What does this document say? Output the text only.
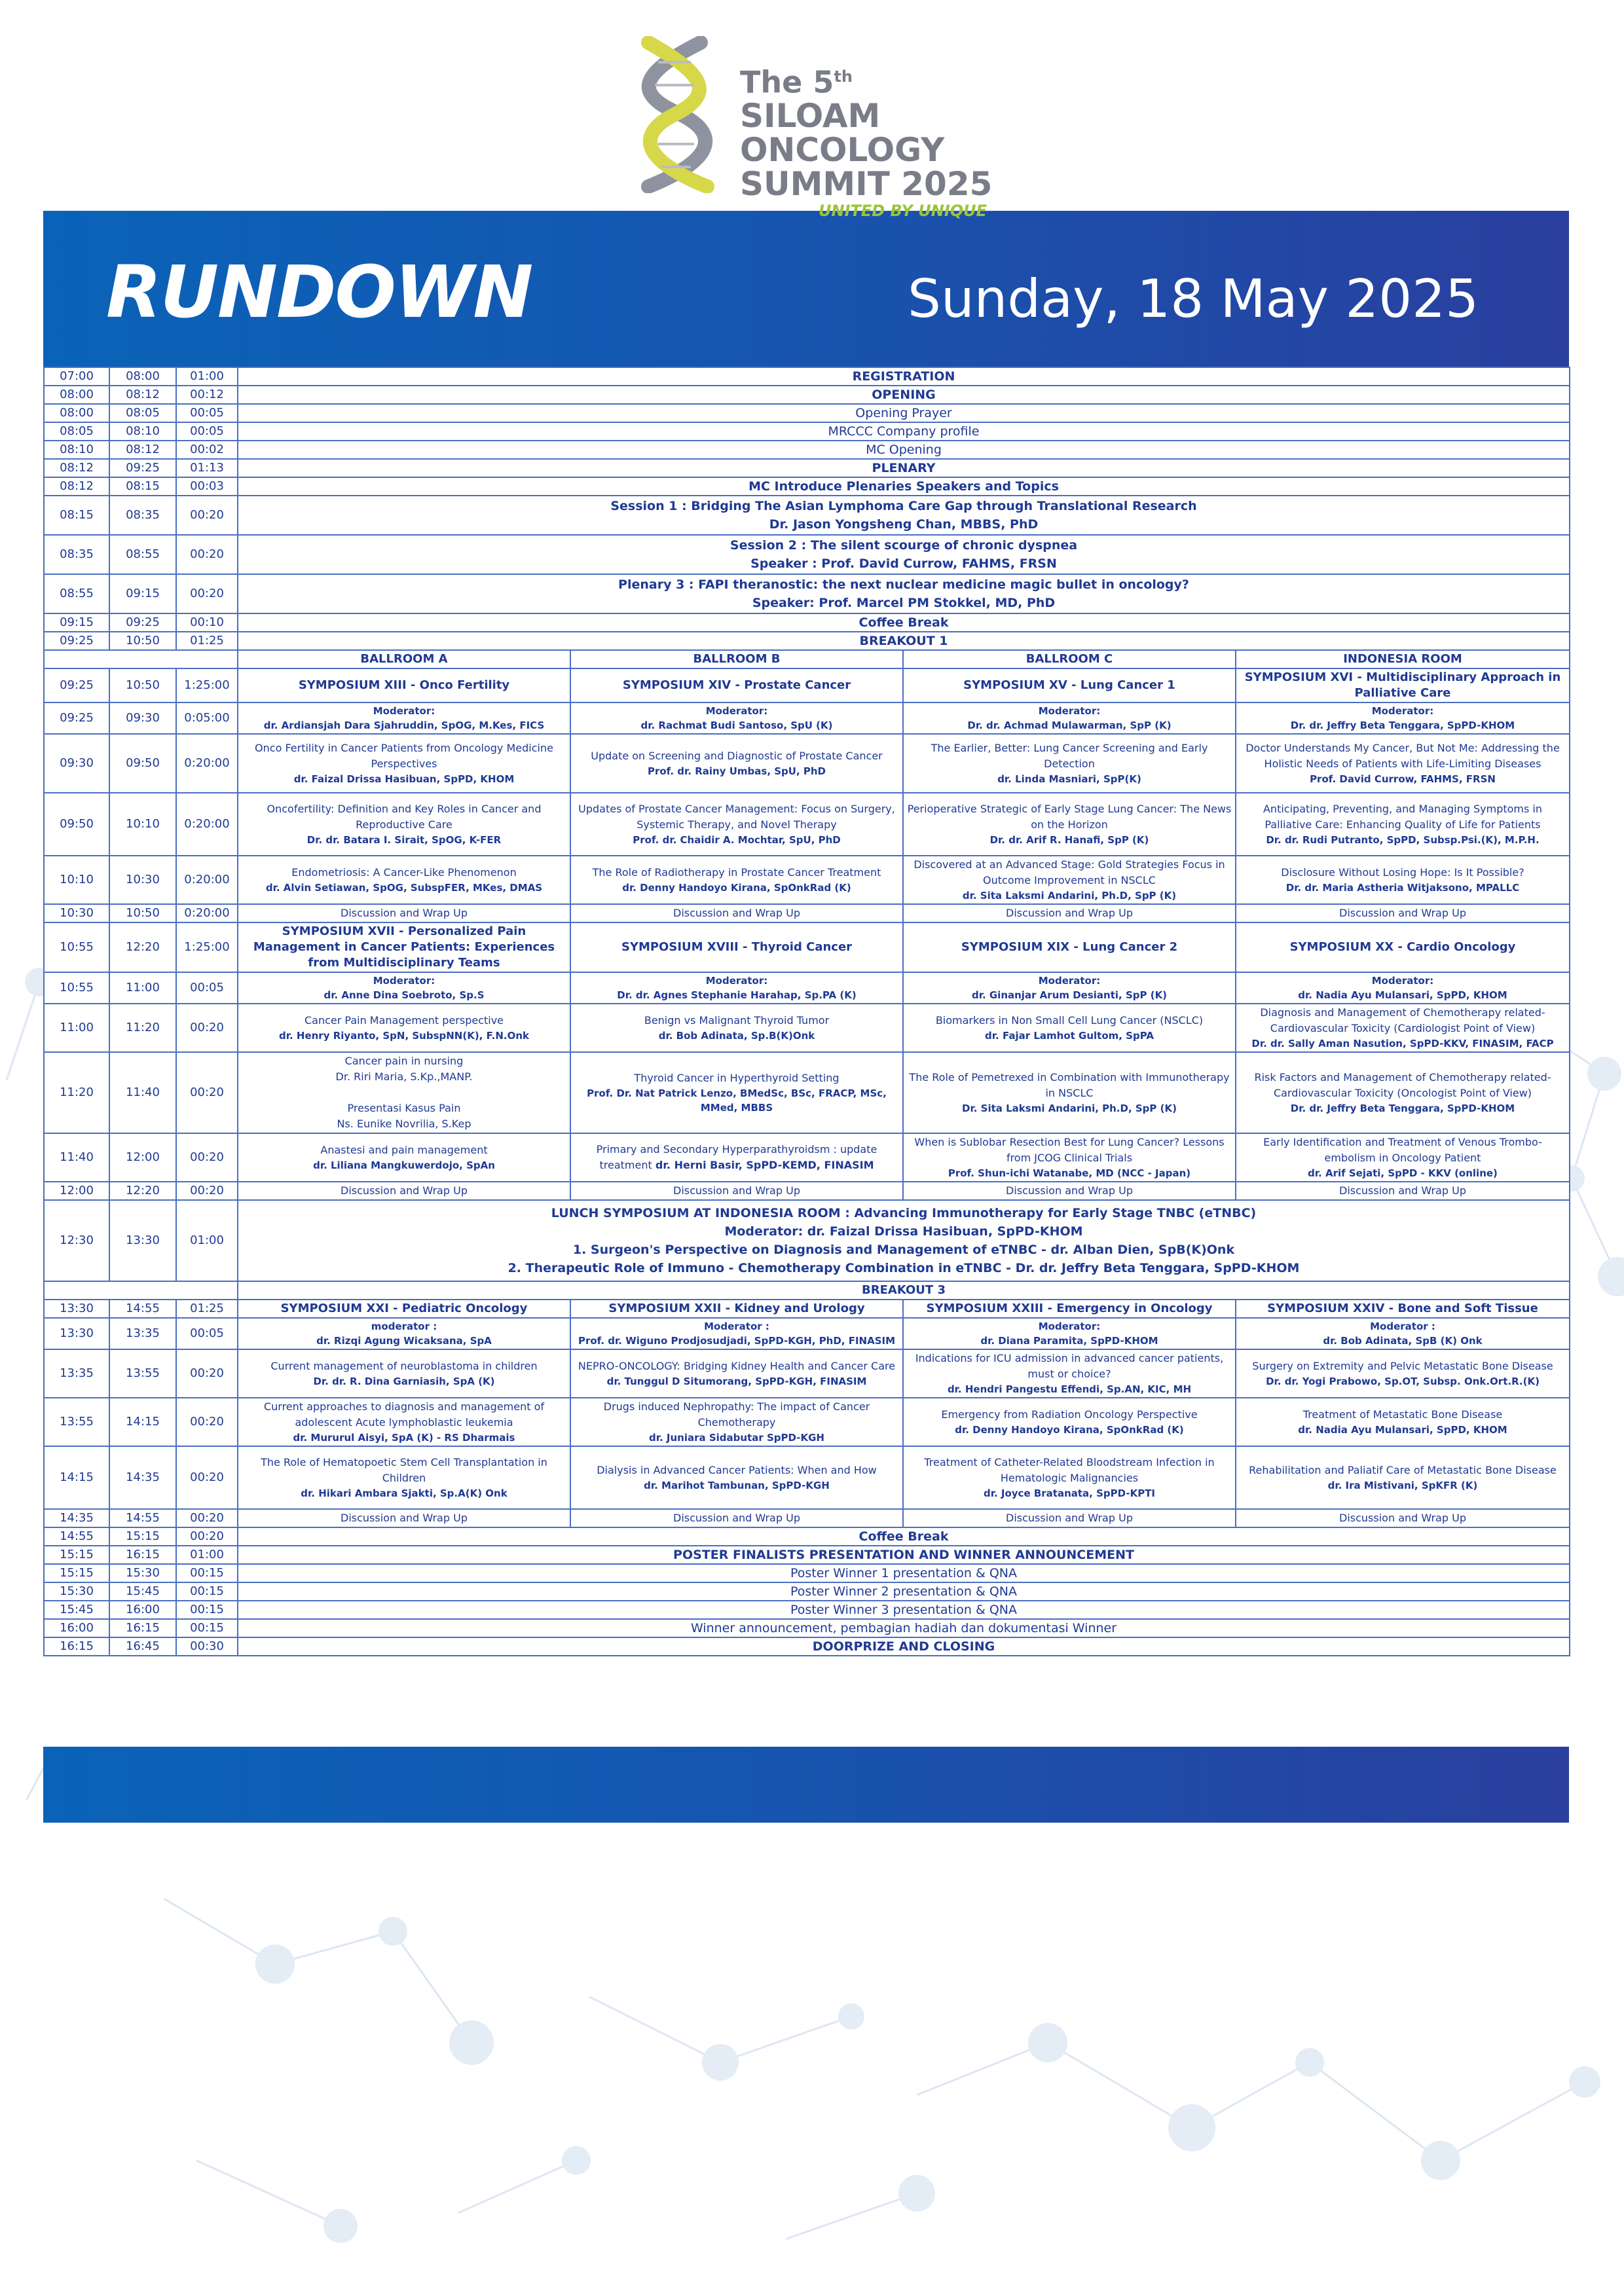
The 5th
SILOAM ONCOLOGY
SUMMIT 2025
UNITED BY UNIQUE
RUNDOWN	Sunday, 18 May 2025
07:00	08:00	01:00	REGISTRATION			

08:00	08:12	00:12	OPENING			

08:00	08:05	00:05	Opening Prayer			

08:05	08:10	00:05	MRCCC Company profile			

08:10	08:12	00:02	MC Opening			

08:12	09:25	01:13	PLENARY			

08:12	08:15	00:03	MC Introduce Plenaries Speakers and Topics			

08:15	08:35	00:20	Session 1 : Bridging The Asian Lymphoma Care Gap through Translational Research
Dr. Jason Yongsheng Chan, MBBS, PhD			

08:35	08:55	00:20	Session 2 : The silent scourge of chronic dyspnea
Speaker : Prof. David Currow, FAHMS, FRSN			

08:55	09:15	00:20	Plenary 3 : FAPI theranostic: the next nuclear medicine magic bullet in oncology?
Speaker: Prof. Marcel PM Stokkel, MD, PhD			

09:15	09:25	00:10	Coffee Break			

09:25	10:50	01:25	BREAKOUT 1			

			BALLROOM A	BALLROOM B	BALLROOM C	INDONESIA ROOM
09:25	10:50	1:25:00	SYMPOSIUM XIII - Onco Fertility	SYMPOSIUM XIV - Prostate Cancer	SYMPOSIUM XV - Lung Cancer 1	SYMPOSIUM XVI - Multidisciplinary Approach in Palliative Care
09:25	09:30	0:05:00	Moderator:
dr. Ardiansjah Dara Sjahruddin, SpOG, M.Kes, FICS	Moderator:
dr. Rachmat Budi Santoso, SpU (K)	Moderator:
Dr. dr. Achmad Mulawarman, SpP (K)	Moderator:
Dr. dr. Jeffry Beta Tenggara, SpPD-KHOM

09:30	09:50	0:20:00	Onco Fertility in Cancer Patients from Oncology Medicine Perspectives
dr. Faizal Drissa Hasibuan, SpPD, KHOM	Update on Screening and Diagnostic of Prostate Cancer
Prof. dr. Rainy Umbas, SpU, PhD	The Earlier, Better: Lung Cancer Screening and Early Detection
dr. Linda Masniari, SpP(K)	Doctor Understands My Cancer, But Not Me: Addressing the Holistic Needs of Patients with Life-Limiting Diseases
Prof. David Currow, FAHMS, FRSN

09:50	10:10	0:20:00	Oncofertility: Definition and Key Roles in Cancer and Reproductive Care
Dr. dr. Batara I. Sirait, SpOG, K-FER	Updates of Prostate Cancer Management: Focus on Surgery, Systemic Therapy, and Novel Therapy
Prof. dr. Chaidir A. Mochtar, SpU, PhD	Perioperative Strategic of Early Stage Lung Cancer: The News on the Horizon
Dr. dr. Arif R. Hanafi, SpP (K)	Anticipating, Preventing, and Managing Symptoms in Palliative Care: Enhancing Quality of Life for Patients
Dr. dr. Rudi Putranto, SpPD, Subsp.Psi.(K), M.P.H.

10:10	10:30	0:20:00	Endometriosis: A Cancer-Like Phenomenon
dr. Alvin Setiawan, SpOG, SubspFER, MKes, DMAS	The Role of Radiotherapy in Prostate Cancer Treatment
dr. Denny Handoyo Kirana, SpOnkRad (K)	Discovered at an Advanced Stage: Gold Strategies Focus in Outcome Improvement in NSCLC
dr. Sita Laksmi Andarini, Ph.D, SpP (K)	Disclosure Without Losing Hope: Is It Possible?
Dr. dr. Maria Astheria Witjaksono, MPALLC

10:30	10:50	0:20:00	Discussion and Wrap Up	Discussion and Wrap Up	Discussion and Wrap Up	Discussion and Wrap Up
10:55	12:20	1:25:00	SYMPOSIUM XVII - Personalized Pain Management in Cancer Patients: Experiences from Multidisciplinary Teams	SYMPOSIUM XVIII - Thyroid Cancer	SYMPOSIUM XIX - Lung Cancer 2	SYMPOSIUM XX - Cardio Oncology
10:55	11:00	00:05	Moderator:
dr. Anne Dina Soebroto, Sp.S	Moderator:
Dr. dr. Agnes Stephanie Harahap, Sp.PA (K)	Moderator:
dr. Ginanjar Arum Desianti, SpP (K)	Moderator:
dr. Nadia Ayu Mulansari, SpPD, KHOM

11:00	11:20	00:20	Cancer Pain Management perspective
dr. Henry Riyanto, SpN, SubspNN(K), F.N.Onk	Benign vs Malignant Thyroid Tumor
dr. Bob Adinata, Sp.B(K)Onk	Biomarkers in Non Small Cell Lung Cancer (NSCLC)
dr. Fajar Lamhot Gultom, SpPA	Diagnosis and Management of Chemotherapy related-Cardiovascular Toxicity (Cardiologist Point of View)
Dr. dr. Sally Aman Nasution, SpPD-KKV, FINASIM, FACP

11:20	11:40	00:20	Cancer pain in nursing
Dr. Riri Maria, S.Kp.,MANP.

Presentasi Kasus Pain
Ns. Eunike Novrilia, S.Kep	Thyroid Cancer in Hyperthyroid Setting
Prof. Dr. Nat Patrick Lenzo, BMedSc, BSc, FRACP, MSc, MMed, MBBS	The Role of Pemetrexed in Combination with Immunotherapy in NSCLC
Dr. Sita Laksmi Andarini, Ph.D, SpP (K)	Risk Factors and Management of Chemotherapy related-Cardiovascular Toxicity (Oncologist Point of View)
Dr. dr. Jeffry Beta Tenggara, SpPD-KHOM

11:40	12:00	00:20	Anastesi and pain management
dr. Liliana Mangkuwerdojo, SpAn	Primary and Secondary Hyperparathyroidsm : update treatment dr. Herni Basir, SpPD-KEMD, FINASIM	When is Sublobar Resection Best for Lung Cancer? Lessons from JCOG Clinical Trials
Prof. Shun-ichi Watanabe, MD (NCC - Japan)	Early Identification and Treatment of Venous Trombo-embolism in Oncology Patient
dr. Arif Sejati, SpPD - KKV (online)

12:00	12:20	00:20	Discussion and Wrap Up	Discussion and Wrap Up	Discussion and Wrap Up	Discussion and Wrap Up
12:30	13:30	01:00	LUNCH SYMPOSIUM AT INDONESIA ROOM : Advancing Immunotherapy for Early Stage TNBC (eTNBC)
Moderator: dr. Faizal Drissa Hasibuan, SpPD-KHOM
1. Surgeon's Perspective on Diagnosis and Management of eTNBC - dr. Alban Dien, SpB(K)Onk
2. Therapeutic Role of Immuno - Chemotherapy Combination in eTNBC - Dr. dr. Jeffry Beta Tenggara, SpPD-KHOM			

			BREAKOUT 3			
13:30	14:55	01:25	SYMPOSIUM XXI - Pediatric Oncology	SYMPOSIUM XXII - Kidney and Urology	SYMPOSIUM XXIII - Emergency in Oncology	SYMPOSIUM XXIV - Bone and Soft Tissue
13:30	13:35	00:05	moderator :
dr. Rizqi Agung Wicaksana, SpA	Moderator :
Prof. dr. Wiguno Prodjosudjadi, SpPD-KGH, PhD, FINASIM	Moderator:
dr. Diana Paramita, SpPD-KHOM	Moderator :
dr. Bob Adinata, SpB (K) Onk

13:35	13:55	00:20	Current management of neuroblastoma in children
Dr. dr. R. Dina Garniasih, SpA (K)	NEPRO-ONCOLOGY: Bridging Kidney Health and Cancer Care
dr. Tunggul D Situmorang, SpPD-KGH, FINASIM	Indications for ICU admission in advanced cancer patients, must or choice?
dr. Hendri Pangestu Effendi, Sp.AN, KIC, MH	Surgery on Extremity and Pelvic Metastatic Bone Disease
Dr. dr. Yogi Prabowo, Sp.OT, Subsp. Onk.Ort.R.(K)

13:55	14:15	00:20	Current approaches to diagnosis and management of adolescent Acute lymphoblastic leukemia
dr. Mururul Aisyi, SpA (K) - RS Dharmais	Drugs induced Nephropathy: The impact of Cancer Chemotherapy
dr. Juniara Sidabutar SpPD-KGH	Emergency from Radiation Oncology Perspective
dr. Denny Handoyo Kirana, SpOnkRad (K)	Treatment of Metastatic Bone Disease
dr. Nadia Ayu Mulansari, SpPD, KHOM

14:15	14:35	00:20	The Role of Hematopoetic Stem Cell Transplantation in Children
dr. Hikari Ambara Sjakti, Sp.A(K) Onk	Dialysis in Advanced Cancer Patients: When and How
dr. Marihot Tambunan, SpPD-KGH	Treatment of Catheter-Related Bloodstream Infection in Hematologic Malignancies
dr. Joyce Bratanata, SpPD-KPTI	Rehabilitation and Paliatif Care of Metastatic Bone Disease
dr. Ira Mistivani, SpKFR (K)

14:35	14:55	00:20	Discussion and Wrap Up	Discussion and Wrap Up	Discussion and Wrap Up	Discussion and Wrap Up
14:55	15:15	00:20	Coffee Break			

15:15	16:15	01:00	POSTER FINALISTS PRESENTATION AND WINNER ANNOUNCEMENT			

15:15	15:30	00:15	Poster Winner 1 presentation & QNA			

15:30	15:45	00:15	Poster Winner 2 presentation & QNA			

15:45	16:00	00:15	Poster Winner 3 presentation & QNA			

16:00	16:15	00:15	Winner announcement, pembagian hadiah dan dokumentasi Winner			

16:15	16:45	00:30	DOORPRIZE AND CLOSING			
